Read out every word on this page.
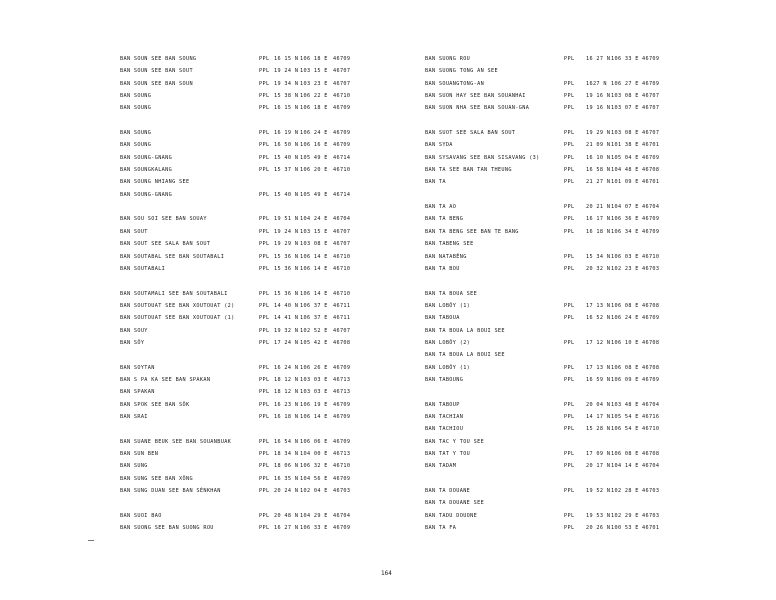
BAN SOUN SEE BAN SOUNG	PPL 16 15 N 106 18 E 46709
BAN SOUN SEE BAN SOUT	PPL 19 24 N 103 15 E 46707
BAN SOUN SEE BAN SOUN	PPL 19 34 N 103 23 E 46707
BAN SOUNG	PPL 15 38 N 106 22 E 46710
BAN SOUNG	PPL 16 15 N 106 18 E 46709
BAN SOUNG	PPL 16 19 N 106 24 E 46709
BAN SOUNG	PPL 16 50 N 106 16 E 46709
BAN SOUNG-GNANG	PPL 15 40 N 105 49 E 46714
BAN SOUNGKALANG	PPL 15 37 N 106 20 E 46710
BAN SOUNG NHIANG SEE
BAN SOUNG-GNANG	PPL 15 40 N 105 49 E 46714
BAN SOU SOI SEE BAN SOUAY	PPL 19 51 N 104 24 E 46704
BAN SOUT	PPL 19 24 N 103 15 E 46707
BAN SOUT SEE SALA BAN SOUT	PPL 19 29 N 103 08 E 46707
BAN SOUTABAL SEE BAN SOUTABALI	PPL 15 36 N 106 14 E 46710
BAN SOUTABALI	PPL 15 36 N 106 14 E 46710
BAN SOUTAMALI SEE BAN SOUTABALI	PPL 15 36 N 106 14 E 46710
BAN SOUTOUAT SEE BAN XOUTOUAT (2)	PPL 14 40 N 106 37 E 46711
BAN SOUTOUAT SEE BAN XOUTOUAT (1)	PPL 14 41 N 106 37 E 46711
BAN SOUY	PPL 19 32 N 102 52 E 46707
BAN SÔY	PPL 17 24 N 105 42 E 46708
BAN SOYTAN	PPL 16 24 N 106 26 E 46709
BAN S PA KA SEE BAN SPAKAN	PPL 18 12 N 103 03 E 46713
BAN SPAKAN	PPL 18 12 N 103 03 E 46713
BAN SPOK SEE BAN SÔK	PPL 16 23 N 106 19 E 46709
BAN SRAI	PPL 16 18 N 106 14 E 46709
BAN SUANE BEUK SEE BAN SOUANBUAK	PPL 16 54 N 106 06 E 46709
BAN SUN BEN	PPL 18 34 N 104 00 E 46713
BAN SUNG	PPL 18 06 N 106 32 E 46710
BAN SUNG SEE BAN XÔNG	PPL 16 35 N 104 56 E 46709
BAN SUNG DUAN SEE BAN SÉNKHAN	PPL 20 24 N 102 04 E 46703
BAN SUOI BAO	PPL 20 48 N 104 29 E 46704
BAN SUONG SEE BAN SUONG ROU	PPL 16 27 N 106 33 E 46709
BAN SUONG ROU	PPL 16 27 N 106 33 E 46709
BAN SUONG TONG AN SEE
BAN SOUANGTONG-AN	PPL 1627 N 106 27 E 46709
BAN SUON HAY SEE BAN SOUANHAI	PPL 19 16 N 103 08 E 46707
BAN SUON NHA SEE BAN SOUAN-GNA	PPL 19 16 N 103 07 E 46707
BAN SUOT SEE SALA BAN SOUT	PPL 19 29 N 103 08 E 46707
BAN SYDA	PPL 21 09 N 101 38 E 46701
BAN SYSAVANG SEE BAN SISAVANG (3)	PPL 16 10 N 105 04 E 46709
BAN TA SEE BAN TAN THEUNG	PPL 16 58 N 104 48 E 46708
BAN TA	PPL 21 27 N 101 09 E 46701
BAN TA AO	PPL 20 21 N 104 07 E 46704
BAN TA BENG	PPL 16 17 N 106 36 E 46709
BAN TA BENG SEE BAN TE BANG	PPL 16 18 N 106 34 E 46709
BAN TABENG SEE
BAN NATABÊNG	PPL 15 34 N 106 03 E 46710
BAN TA BOU	PPL 20 32 N 102 23 E 46703
BAN TA BOUA SEE
BAN LOBÔY (1)	PPL 17 13 N 106 08 E 46708
BAN TABOUA	PPL 16 52 N 106 24 E 46709
BAN TA BOUA LA BOUI SEE
BAN LOBÔY (2)	PPL 17 12 N 106 10 E 46708
BAN TA BOUA LA BOUI SEE
BAN LOBÔY (1)	PPL 17 13 N 106 08 E 46708
BAN TABOUNG	PPL 16 59 N 106 09 E 46709
BAN TABOUP	PPL 20 04 N 103 48 E 46704
BAN TACHIAN	PPL 14 17 N 105 54 E 46716
BAN TACHIOU	PPL 15 28 N 106 54 E 46710
BAN TAC Y TOU SEE
BAN TAT Y TOU	PPL 17 09 N 106 08 E 46708
BAN TADAM	PPL 20 17 N 104 14 E 46704
BAN TA DOUANE	PPL 19 52 N 102 28 E 46703
BAN TA DOUANE SEE
BAN TADU DOUONE	PPL 19 53 N 102 29 E 46703
BAN TA FA	PPL 20 26 N 100 53 E 46701
164
